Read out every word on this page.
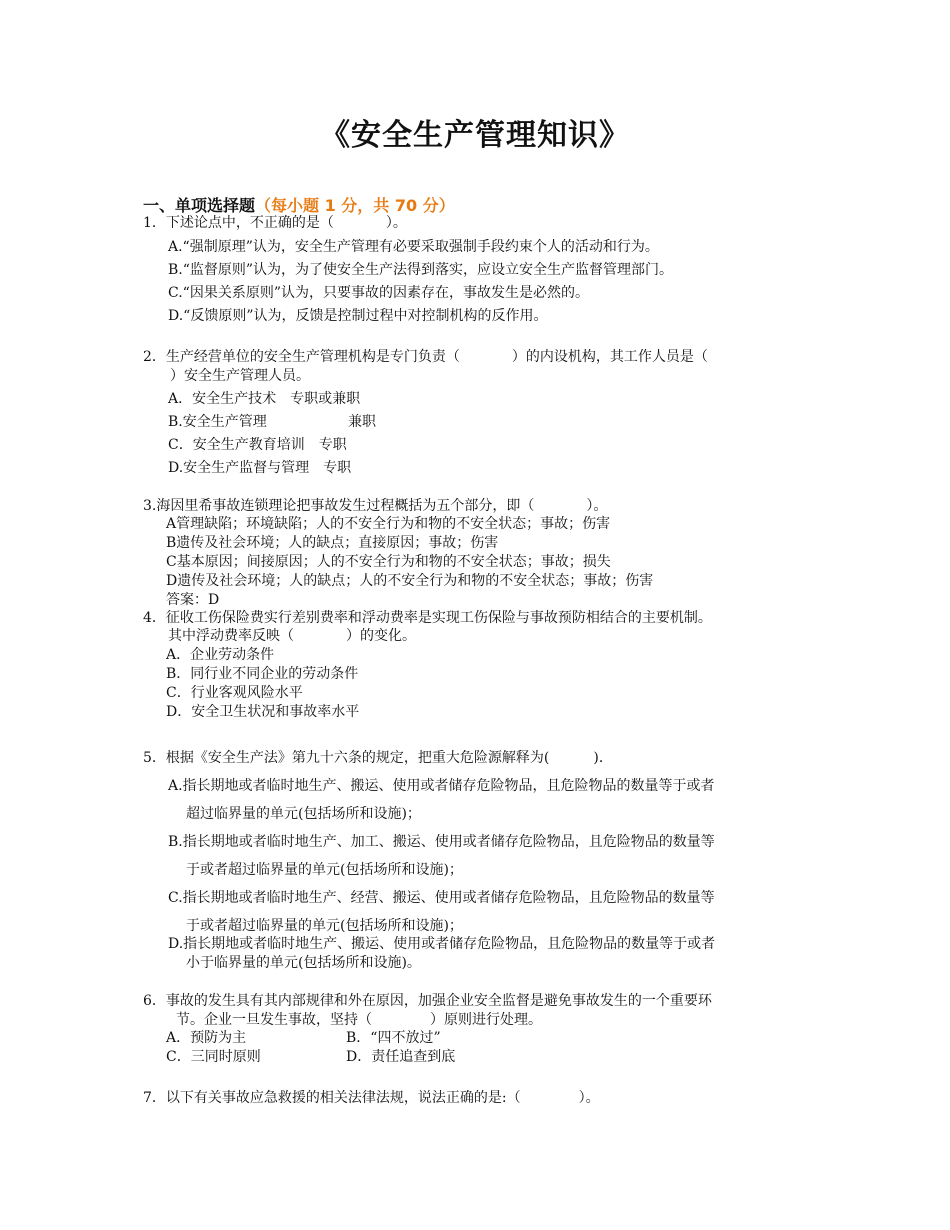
《安全生产管理知识》
一、单项选择题（每小题 1 分，共 70 分）
1．下述论点中，不正确的是（	）。
A.“强制原理”认为，安全生产管理有必要采取强制手段约束个人的活动和行为。
B.“监督原则”认为，为了使安全生产法得到落实，应设立安全生产监督管理部门。
C.“因果关系原则”认为，只要事故的因素存在，事故发生是必然的。
D.“反馈原则”认为，反馈是控制过程中对控制机构的反作用。
2．生产经营单位的安全生产管理机构是专门负责（	）的内设机构，其工作人员是（
）安全生产管理人员。
A．安全生产技术　专职或兼职
B.安全生产管理	兼职
C．安全生产教育培训　专职
D.安全生产监督与管理　专职
3.海因里希事故连锁理论把事故发生过程概括为五个部分，即（	）。
A管理缺陷；环境缺陷；人的不安全行为和物的不安全状态；事故；伤害
B遗传及社会环境；人的缺点；直接原因；事故；伤害
C基本原因；间接原因；人的不安全行为和物的不安全状态；事故；损失
D遗传及社会环境；人的缺点；人的不安全行为和物的不安全状态；事故；伤害
答案：D
4．征收工伤保险费实行差别费率和浮动费率是实现工伤保险与事故预防相结合的主要机制。
其中浮动费率反映（	）的变化。
A．企业劳动条件
B．同行业不同企业的劳动条件
C．行业客观风险水平
D．安全卫生状况和事故率水平
5．根据《安全生产法》第九十六条的规定，把重大危险源解释为(	)．
A.指长期地或者临时地生产、搬运、使用或者储存危险物品，且危险物品的数量等于或者
超过临界量的单元(包括场所和设施)；
B.指长期地或者临时地生产、加工、搬运、使用或者储存危险物品，且危险物品的数量等
于或者超过临界量的单元(包括场所和设施)；
C.指长期地或者临时地生产、经营、搬运、使用或者储存危险物品，且危险物品的数量等
于或者超过临界量的单元(包括场所和设施)；
D.指长期地或者临时地生产、搬运、使用或者储存危险物品，且危险物品的数量等于或者
小于临界量的单元(包括场所和设施)。
6．事故的发生具有其内部规律和外在原因，加强企业安全监督是避免事故发生的一个重要环
节。企业一旦发生事故，坚持（	）原则进行处理。
A．预防为主	B．“四不放过”
C．三同时原则	D．责任追查到底
7．以下有关事故应急救援的相关法律法规，说法正确的是:（	）。
